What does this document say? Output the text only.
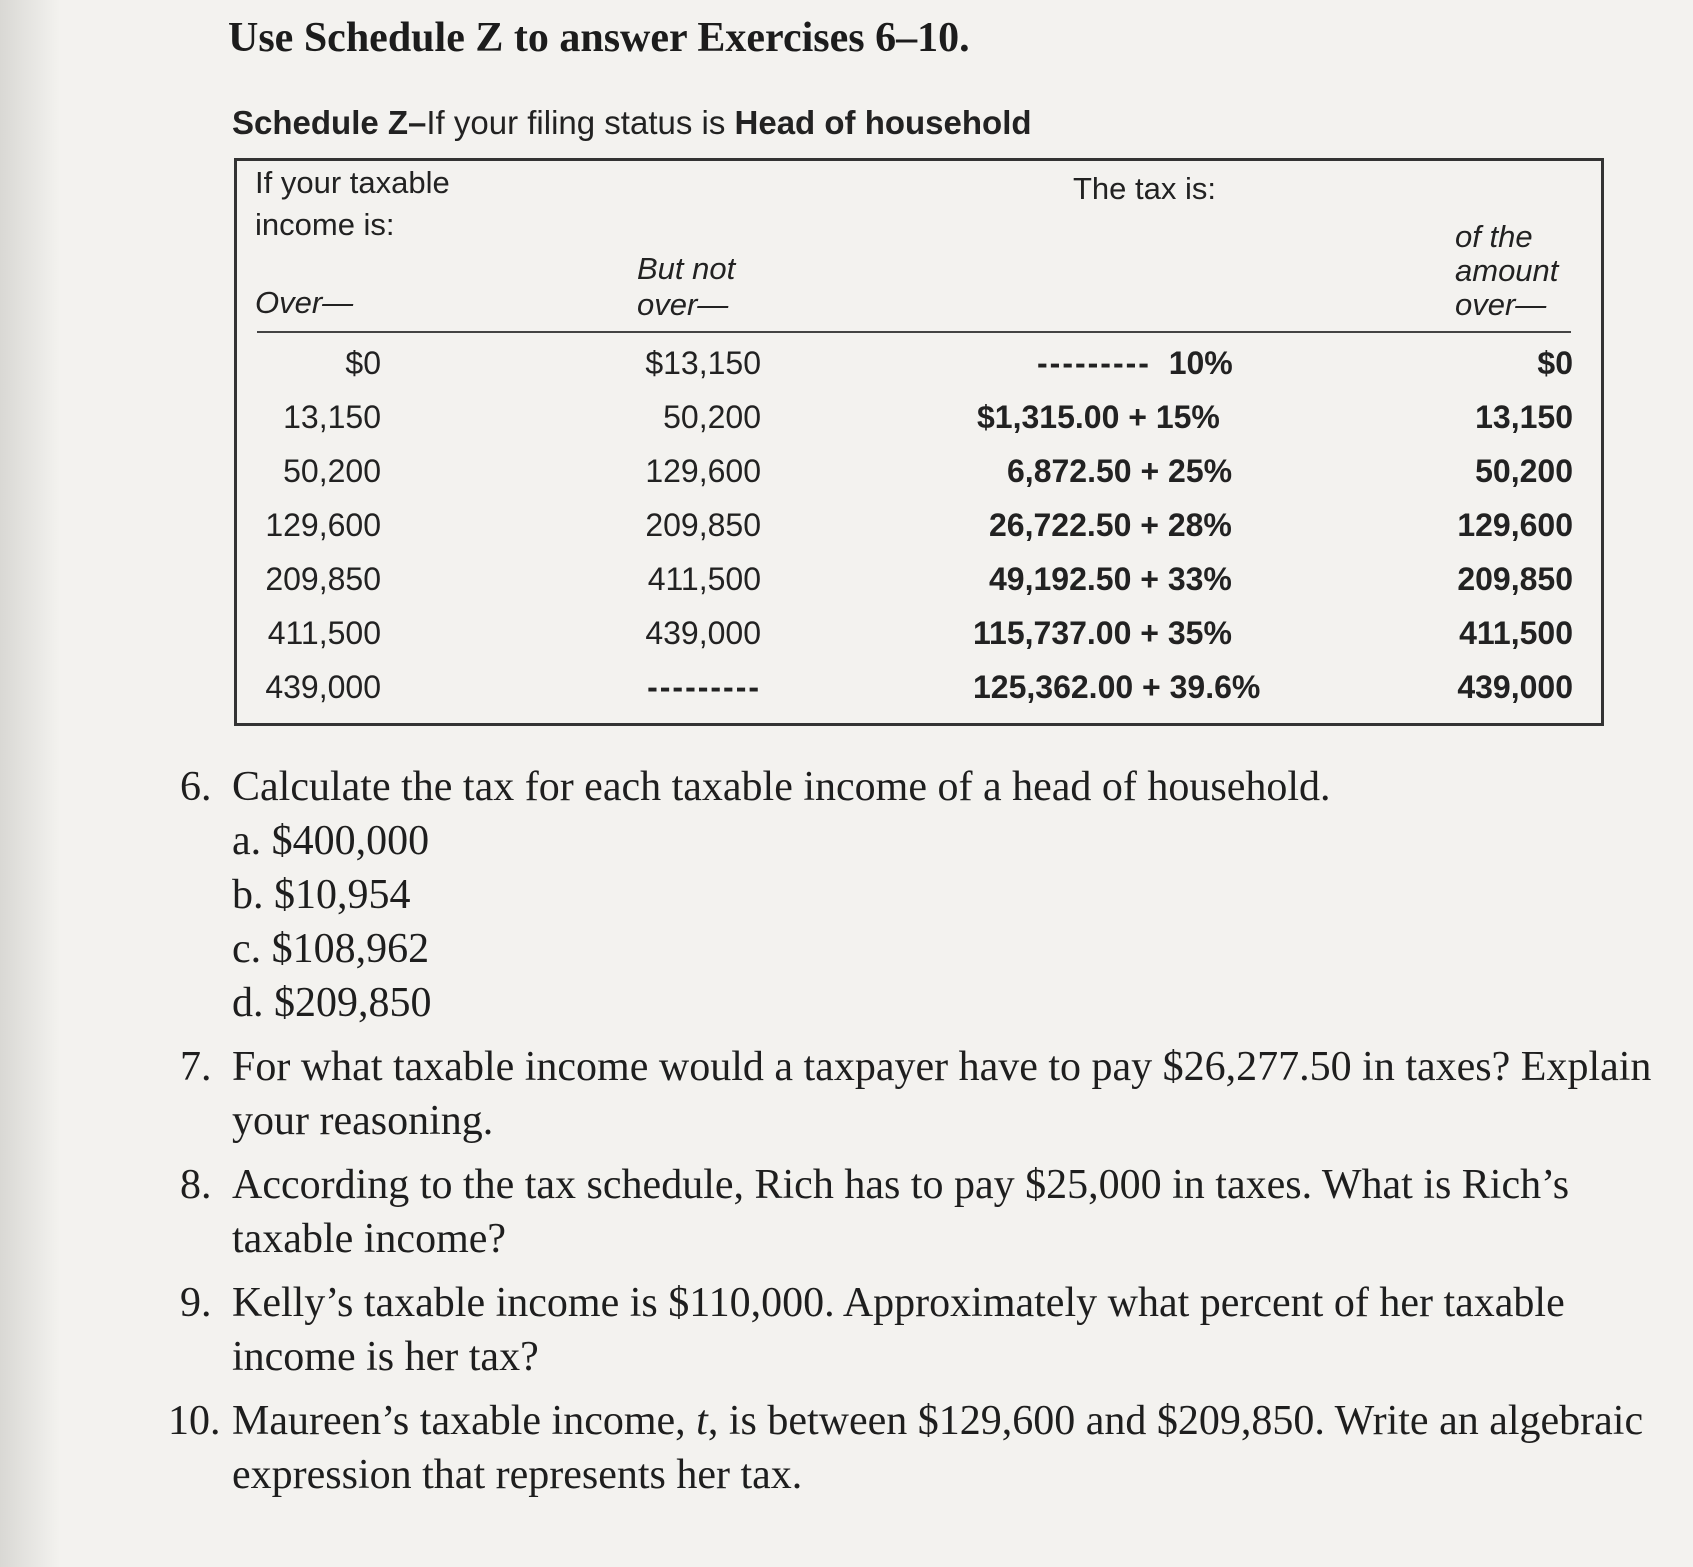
Use Schedule Z to answer Exercises 6–10.
Schedule Z–If your filing status is Head of household
If your taxable
income is:
The tax is:
Over—
But not
over—
of the
amount
over—
$0	$13,150	--------- 10%	$0
13,150	50,200	$1,315.00 + 15%	13,150
50,200	129,600	6,872.50 + 25%	50,200
129,600	209,850	26,722.50 + 28%	129,600
209,850	411,500	49,192.50 + 33%	209,850
411,500	439,000	115,737.00 + 35%	411,500
439,000	---------	125,362.00 + 39.6%	439,000
6. Calculate the tax for each taxable income of a head of household.
a. $400,000
b. $10,954
c. $108,962
d. $209,850
7. For what taxable income would a taxpayer have to pay $26,277.50 in taxes? Explain your reasoning.
8. According to the tax schedule, Rich has to pay $25,000 in taxes. What is Rich’s taxable income?
9. Kelly’s taxable income is $110,000. Approximately what percent of her taxable income is her tax?
10. Maureen’s taxable income, t, is between $129,600 and $209,850. Write an algebraic expression that represents her tax.
